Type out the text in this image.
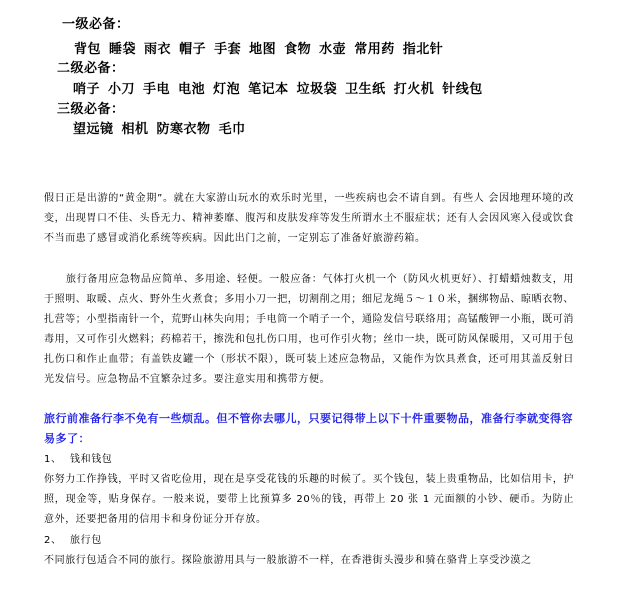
一级必备：
背包 睡袋 雨衣 帽子 手套 地图 食物 水壶 常用药 指北针
二级必备：
哨子 小刀 手电 电池 灯泡 笔记本 垃圾袋 卫生纸 打火机 针线包
三级必备：
望远镜 相机 防寒衣物 毛巾

假日正是出游的“黄金期”。就在大家游山玩水的欢乐时光里，一些疾病也会不请自到。有些人 会因地理环境的改变，出现胃口不佳、头昏无力、精神萎靡、腹泻和皮肤发痒等发生所谓水土不服症状；还有人会因风寒入侵或饮食不当而患了感冒或消化系统等疾病。因此出门之前，一定别忘了准备好旅游药箱。

旅行备用应急物品应简单、多用途、轻便。一般应备：气体打火机一个（防风火机更好）、打蜡蜡烛数支，用于照明、取暖、点火、野外生火煮食；多用小刀一把，切割削之用；细尼龙绳５～１０米，捆绑物品、晾晒衣物、扎营等；小型指南针一个，荒野山林失向用；手电筒一个哨子一个，通险发信号联络用；高锰酸钾一小瓶，既可消毒用，又可作引火燃料；药棉若干，擦洗和包扎伤口用，也可作引火物；丝巾一块，既可防风保暖用，又可用于包扎伤口和作止血带；有盖铁皮罐一个（形状不限），既可装上述应急物品，又能作为饮具煮食，还可用其盖反射日光发信号。应急物品不宜繁杂过多。要注意实用和携带方便。

旅行前准备行李不免有一些烦乱。但不管你去哪儿，只要记得带上以下十件重要物品，准备行李就变得容易多了：

1、 钱和钱包

你努力工作挣钱，平时又省吃俭用，现在是享受花钱的乐趣的时候了。买个钱包，装上贵重物品，比如信用卡，护照，现金等，贴身保存。一般来说，要带上比预算多 20％的钱，再带上 20 张 1 元面额的小钞、硬币。为防止意外，还要把备用的信用卡和身份证分开存放。

2、 旅行包

不同旅行包适合不同的旅行。探险旅游用具与一般旅游不一样，在香港街头漫步和骑在骆背上享受沙漠之
